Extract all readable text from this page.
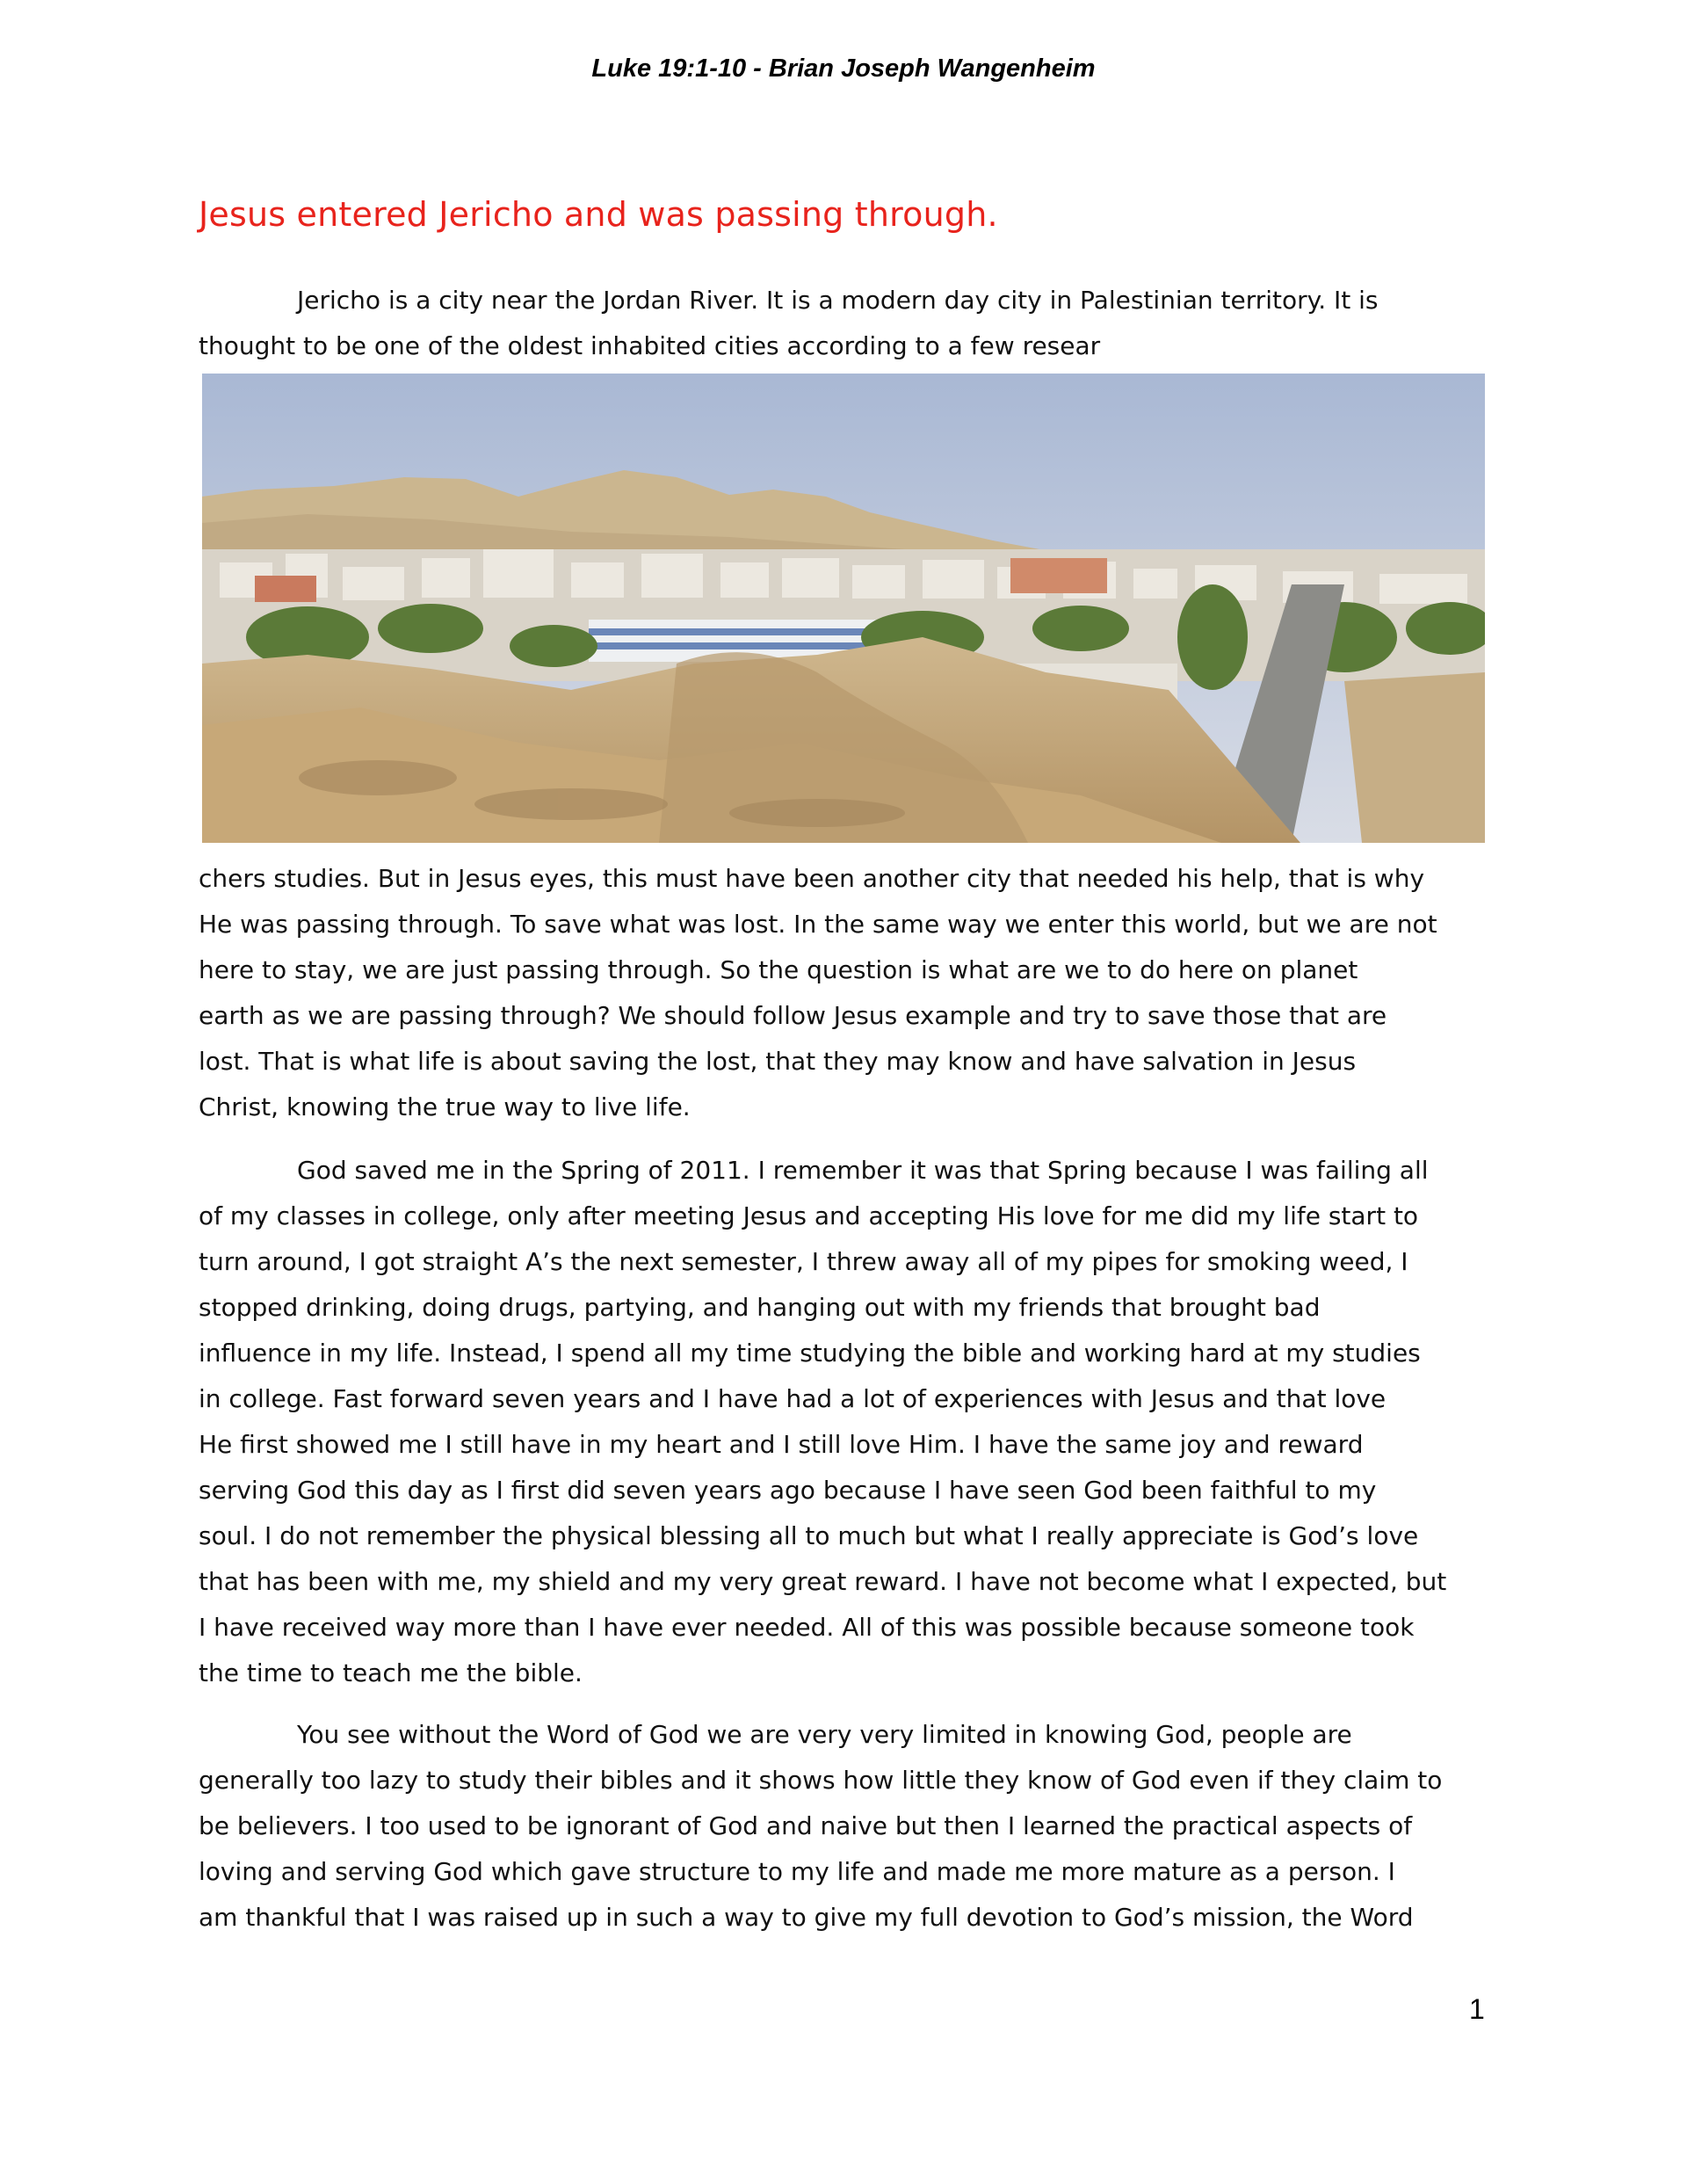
Luke 19:1-10 - Brian Joseph Wangenheim
Jesus entered Jericho and was passing through.
Jericho is a city near the Jordan River. It is a modern day city in Palestinian territory. It is
thought to be one of the oldest inhabited cities according to a few resear
chers studies. But in Jesus eyes, this must have been another city that needed his help, that is why
He was passing through. To save what was lost. In the same way we enter this world, but we are not
here to stay, we are just passing through. So the question is what are we to do here on planet
earth as we are passing through? We should follow Jesus example and try to save those that are
lost. That is what life is about saving the lost, that they may know and have salvation in Jesus
Christ, knowing the true way to live life.
God saved me in the Spring of 2011. I remember it was that Spring because I was failing all
of my classes in college, only after meeting Jesus and accepting His love for me did my life start to
turn around, I got straight A’s the next semester, I threw away all of my pipes for smoking weed, I
stopped drinking, doing drugs, partying, and hanging out with my friends that brought bad
influence in my life. Instead, I spend all my time studying the bible and working hard at my studies
in college. Fast forward seven years and I have had a lot of experiences with Jesus and that love
He first showed me I still have in my heart and I still love Him. I have the same joy and reward
serving God this day as I first did seven years ago because I have seen God been faithful to my
soul. I do not remember the physical blessing all to much but what I really appreciate is God’s love
that has been with me, my shield and my very great reward. I have not become what I expected, but
I have received way more than I have ever needed. All of this was possible because someone took
the time to teach me the bible.
You see without the Word of God we are very very limited in knowing God, people are
generally too lazy to study their bibles and it shows how little they know of God even if they claim to
be believers. I too used to be ignorant of God and naive but then I learned the practical aspects of
loving and serving God which gave structure to my life and made me more mature as a person. I
am thankful that I was raised up in such a way to give my full devotion to God’s mission, the Word
1
